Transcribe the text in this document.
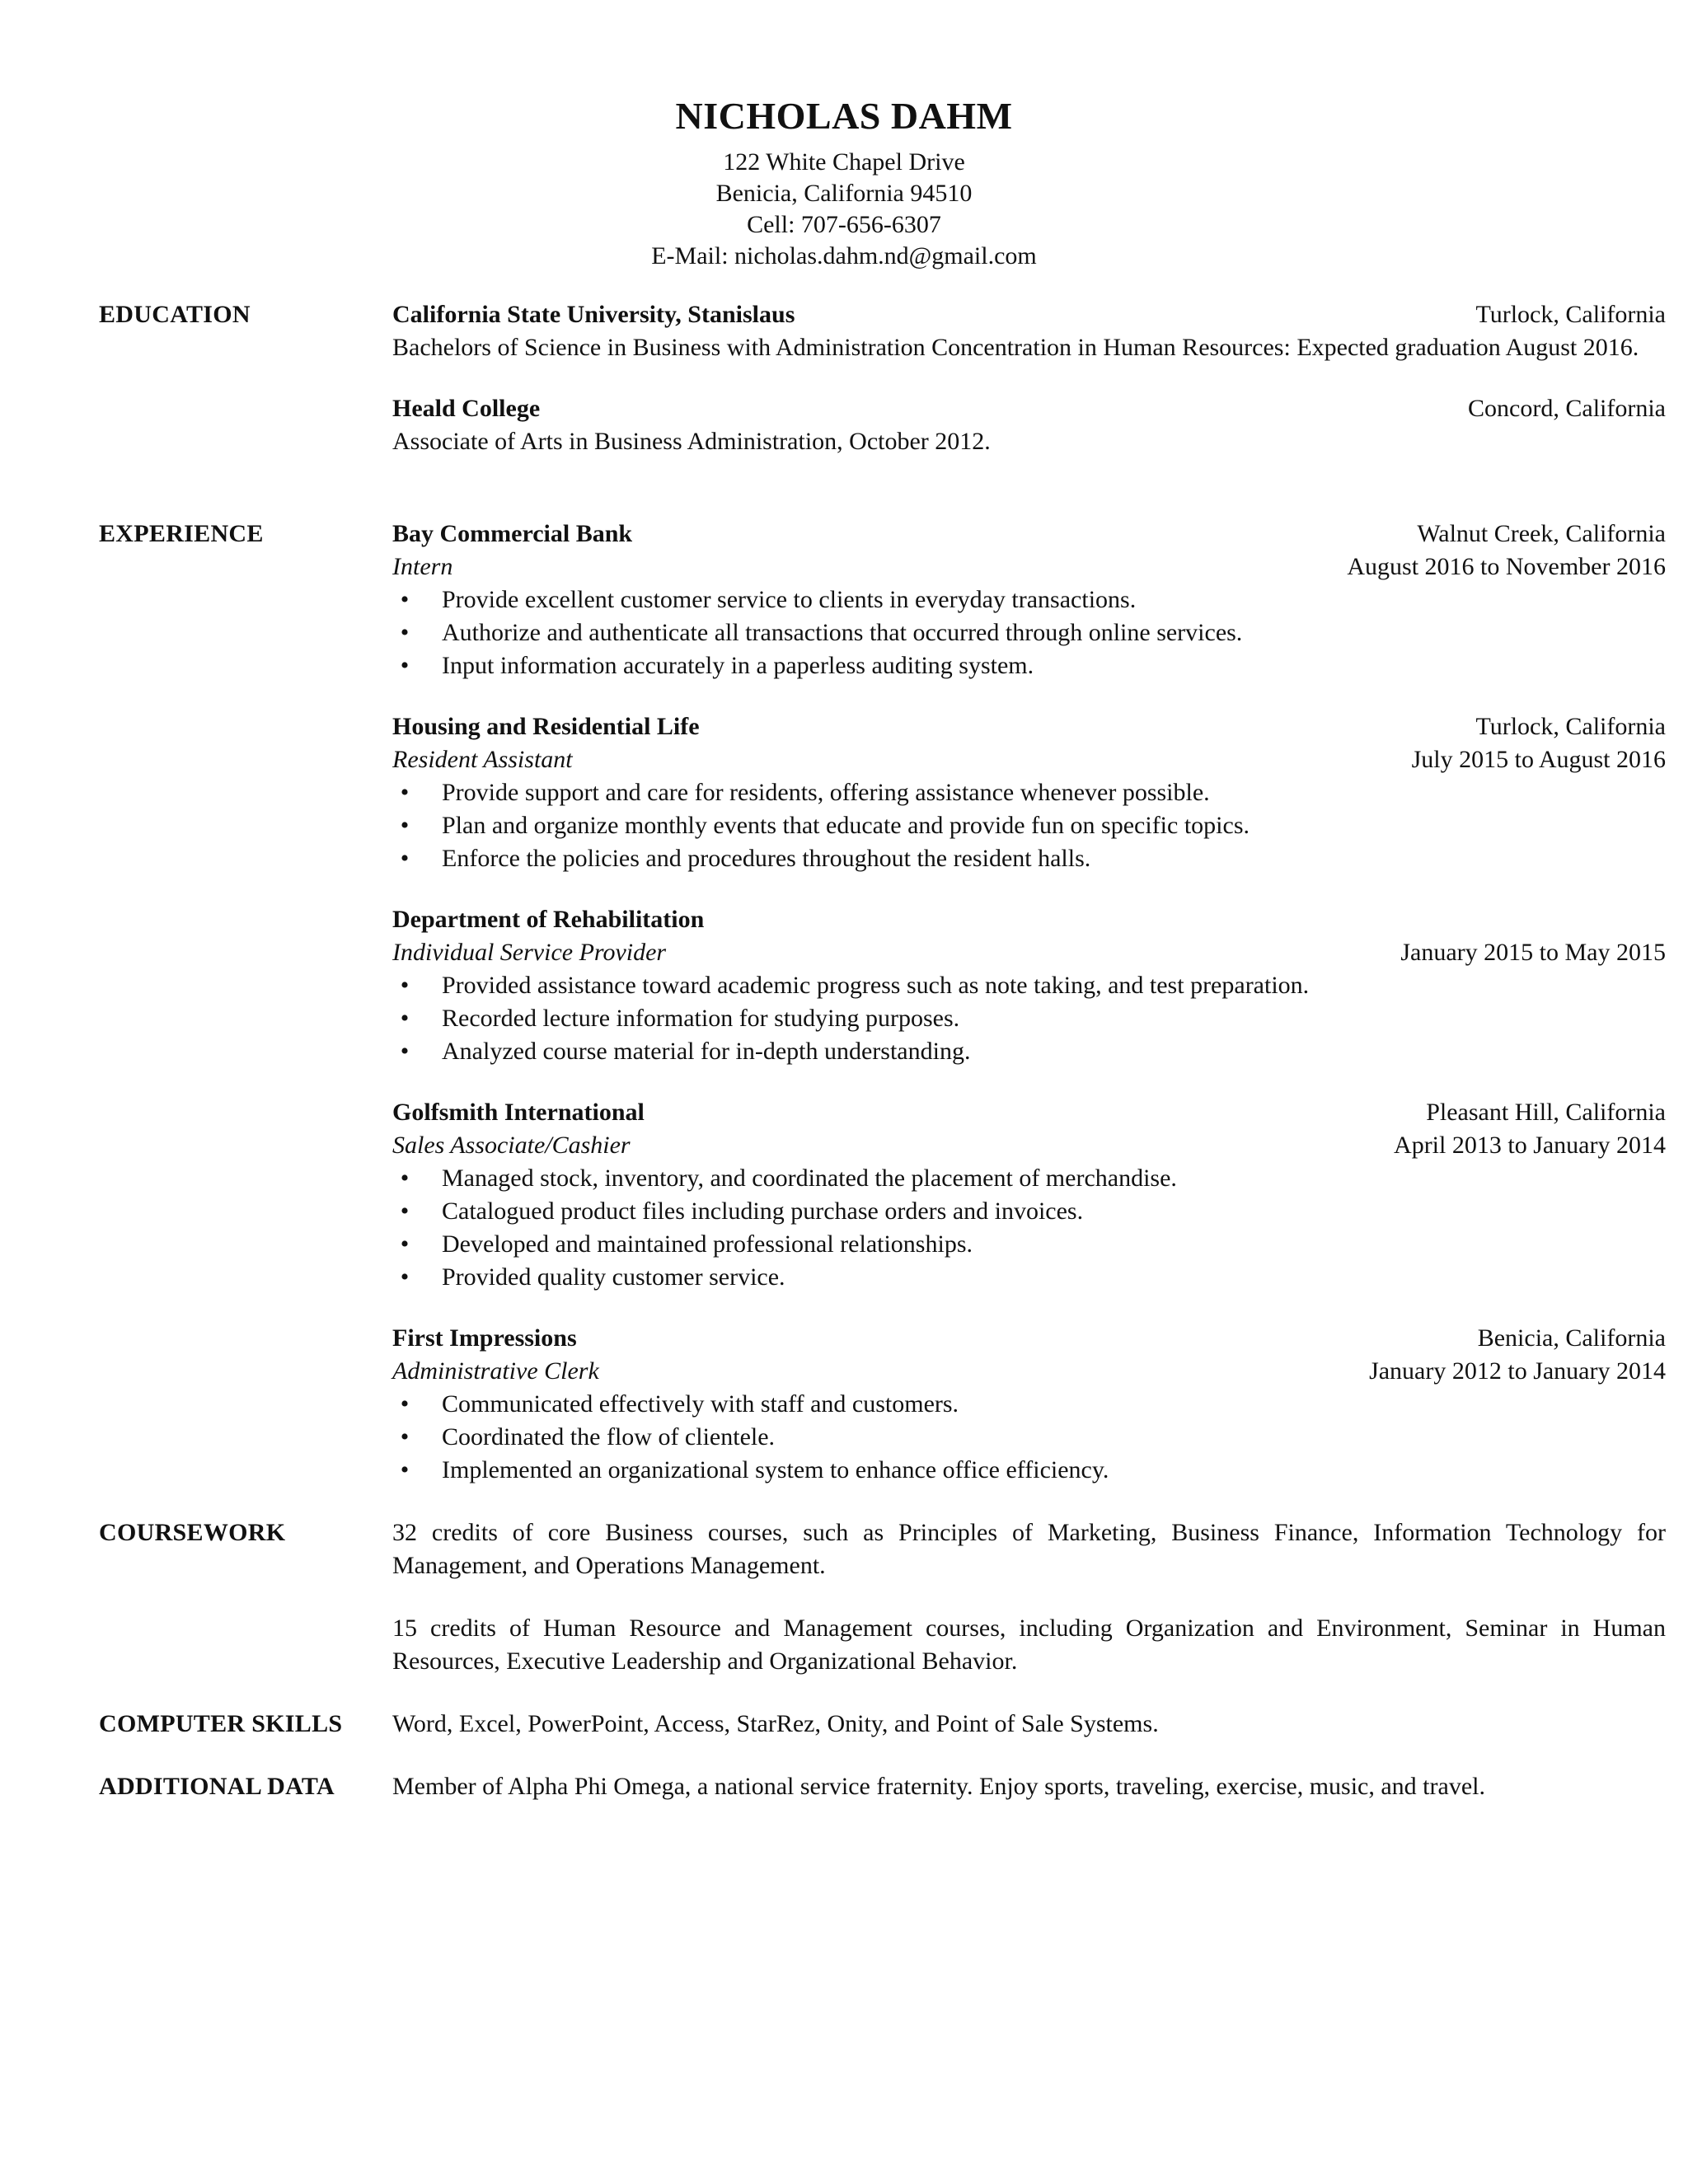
NICHOLAS DAHM
122 White Chapel Drive
Benicia, California 94510
Cell: 707-656-6307
E-Mail: nicholas.dahm.nd@gmail.com
EDUCATION	California State University, Stanislaus	Turlock, California
Bachelors of Science in Business with Administration Concentration in Human Resources: Expected graduation August 2016.
Heald College	Concord, California
Associate of Arts in Business Administration, October 2012.
EXPERIENCE	Bay Commercial Bank	Walnut Creek, California
Intern	August 2016 to November 2016
•	Provide excellent customer service to clients in everyday transactions.
•	Authorize and authenticate all transactions that occurred through online services.
•	Input information accurately in a paperless auditing system.
Housing and Residential Life	Turlock, California
Resident Assistant	July 2015 to August 2016
•	Provide support and care for residents, offering assistance whenever possible.
•	Plan and organize monthly events that educate and provide fun on specific topics.
•	Enforce the policies and procedures throughout the resident halls.
Department of Rehabilitation
Individual Service Provider	January 2015 to May 2015
•	Provided assistance toward academic progress such as note taking, and test preparation.
•	Recorded lecture information for studying purposes.
•	Analyzed course material for in-depth understanding.
Golfsmith International	Pleasant Hill, California
Sales Associate/Cashier	April 2013 to January 2014
•	Managed stock, inventory, and coordinated the placement of merchandise.
•	Catalogued product files including purchase orders and invoices.
•	Developed and maintained professional relationships.
•	Provided quality customer service.
First Impressions	Benicia, California
Administrative Clerk	January 2012 to January 2014
•	Communicated effectively with staff and customers.
•	Coordinated the flow of clientele.
•	Implemented an organizational system to enhance office efficiency.
COURSEWORK	32 credits of core Business courses, such as Principles of Marketing, Business Finance, Information Technology for Management, and Operations Management.
15 credits of Human Resource and Management courses, including Organization and Environment, Seminar in Human Resources, Executive Leadership and Organizational Behavior.
COMPUTER SKILLS	Word, Excel, PowerPoint, Access, StarRez, Onity, and Point of Sale Systems.
ADDITIONAL DATA	Member of Alpha Phi Omega, a national service fraternity. Enjoy sports, traveling, exercise, music, and travel.
